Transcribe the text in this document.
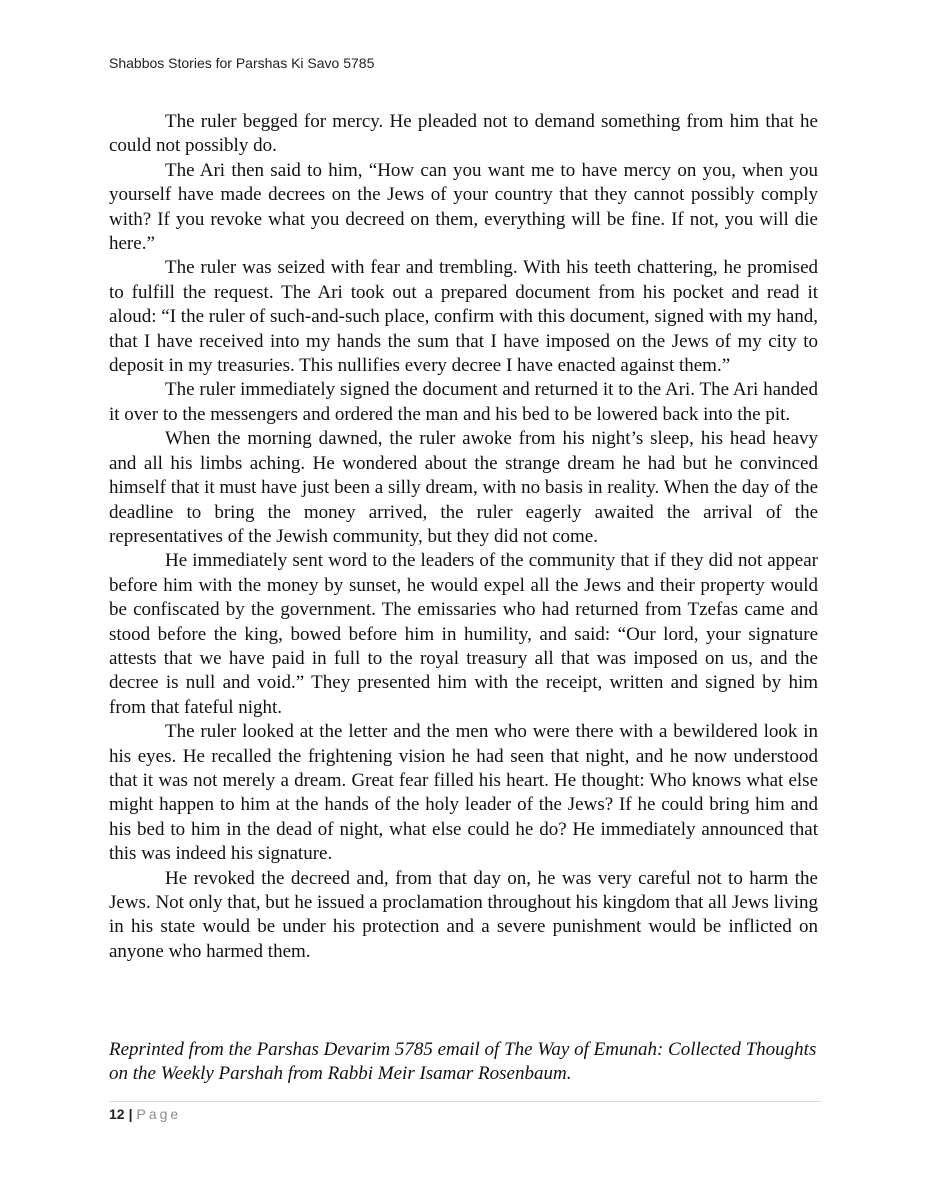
Shabbos Stories for Parshas Ki Savo 5785

The ruler begged for mercy. He pleaded not to demand something from him that he could not possibly do.

The Ari then said to him, “How can you want me to have mercy on you, when you yourself have made decrees on the Jews of your country that they cannot possibly comply with? If you revoke what you decreed on them, everything will be fine. If not, you will die here.”

The ruler was seized with fear and trembling. With his teeth chattering, he promised to fulfill the request. The Ari took out a prepared document from his pocket and read it aloud: “I the ruler of such-and-such place, confirm with this document, signed with my hand, that I have received into my hands the sum that I have imposed on the Jews of my city to deposit in my treasuries. This nullifies every decree I have enacted against them.”

The ruler immediately signed the document and returned it to the Ari. The Ari handed it over to the messengers and ordered the man and his bed to be lowered back into the pit.

When the morning dawned, the ruler awoke from his night’s sleep, his head heavy and all his limbs aching. He wondered about the strange dream he had but he convinced himself that it must have just been a silly dream, with no basis in reality. When the day of the deadline to bring the money arrived, the ruler eagerly awaited the arrival of the representatives of the Jewish community, but they did not come.

He immediately sent word to the leaders of the community that if they did not appear before him with the money by sunset, he would expel all the Jews and their property would be confiscated by the government. The emissaries who had returned from Tzefas came and stood before the king, bowed before him in humility, and said: “Our lord, your signature attests that we have paid in full to the royal treasury all that was imposed on us, and the decree is null and void.” They presented him with the receipt, written and signed by him from that fateful night.

The ruler looked at the letter and the men who were there with a bewildered look in his eyes. He recalled the frightening vision he had seen that night, and he now understood that it was not merely a dream. Great fear filled his heart. He thought: Who knows what else might happen to him at the hands of the holy leader of the Jews? If he could bring him and his bed to him in the dead of night, what else could he do? He immediately announced that this was indeed his signature.

He revoked the decreed and, from that day on, he was very careful not to harm the Jews. Not only that, but he issued a proclamation throughout his kingdom that all Jews living in his state would be under his protection and a severe punishment would be inflicted on anyone who harmed them.

Reprinted from the Parshas Devarim 5785 email of The Way of Emunah: Collected Thoughts on the Weekly Parshah from Rabbi Meir Isamar Rosenbaum.

12 | Page
